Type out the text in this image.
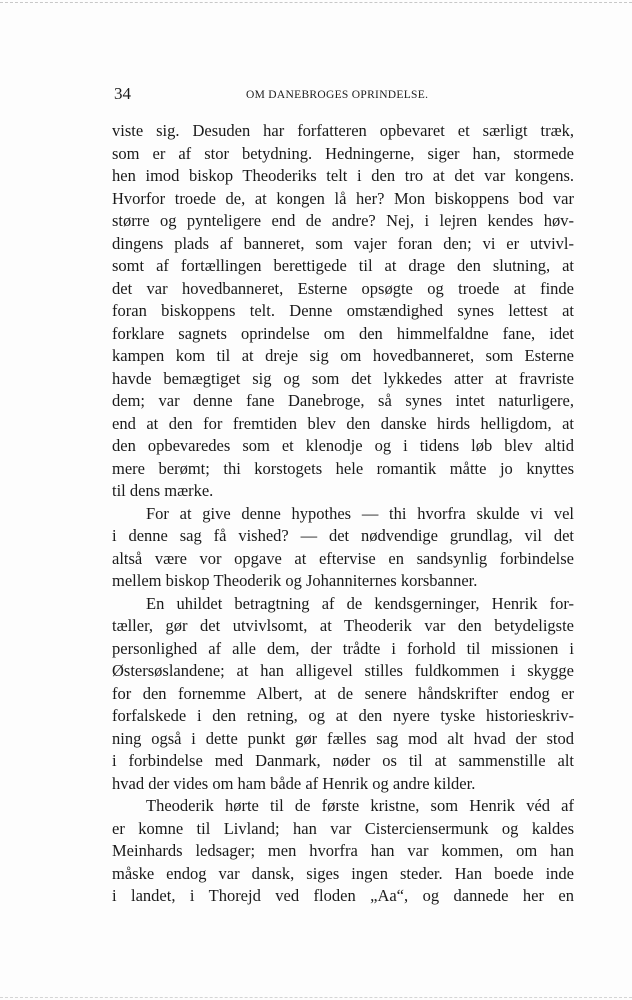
34	OM DANEBROGES OPRINDELSE.
viste sig. Desuden har forfatteren opbevaret et særligt træk,
som er af stor betydning. Hedningerne, siger han, stormede
hen imod biskop Theoderiks telt i den tro at det var kongens.
Hvorfor troede de, at kongen lå her? Mon biskoppens bod var
større og pynteligere end de andre? Nej, i lejren kendes høv-
dingens plads af banneret, som vajer foran den; vi er utvivl-
somt af fortællingen berettigede til at drage den slutning, at
det var hovedbanneret, Esterne opsøgte og troede at finde
foran biskoppens telt. Denne omstændighed synes lettest at
forklare sagnets oprindelse om den himmelfaldne fane, idet
kampen kom til at dreje sig om hovedbanneret, som Esterne
havde bemægtiget sig og som det lykkedes atter at fravriste
dem; var denne fane Danebroge, så synes intet naturligere,
end at den for fremtiden blev den danske hirds helligdom, at
den opbevaredes som et klenodje og i tidens løb blev altid
mere berømt; thi korstogets hele romantik måtte jo knyttes
til dens mærke.
For at give denne hypothes — thi hvorfra skulde vi vel
i denne sag få vished? — det nødvendige grundlag, vil det
altså være vor opgave at eftervise en sandsynlig forbindelse
mellem biskop Theoderik og Johanniternes korsbanner.
En uhildet betragtning af de kendsgerninger, Henrik for-
tæller, gør det utvivlsomt, at Theoderik var den betydeligste
personlighed af alle dem, der trådte i forhold til missionen i
Østersøslandene; at han alligevel stilles fuldkommen i skygge
for den fornemme Albert, at de senere håndskrifter endog er
forfalskede i den retning, og at den nyere tyske historieskriv-
ning også i dette punkt gør fælles sag mod alt hvad der stod
i forbindelse med Danmark, nøder os til at sammenstille alt
hvad der vides om ham både af Henrik og andre kilder.
Theoderik hørte til de første kristne, som Henrik véd af
er komne til Livland; han var Cisterciensermunk og kaldes
Meinhards ledsager; men hvorfra han var kommen, om han
måske endog var dansk, siges ingen steder. Han boede inde
i landet, i Thorejd ved floden „Aa“, og dannede her en
